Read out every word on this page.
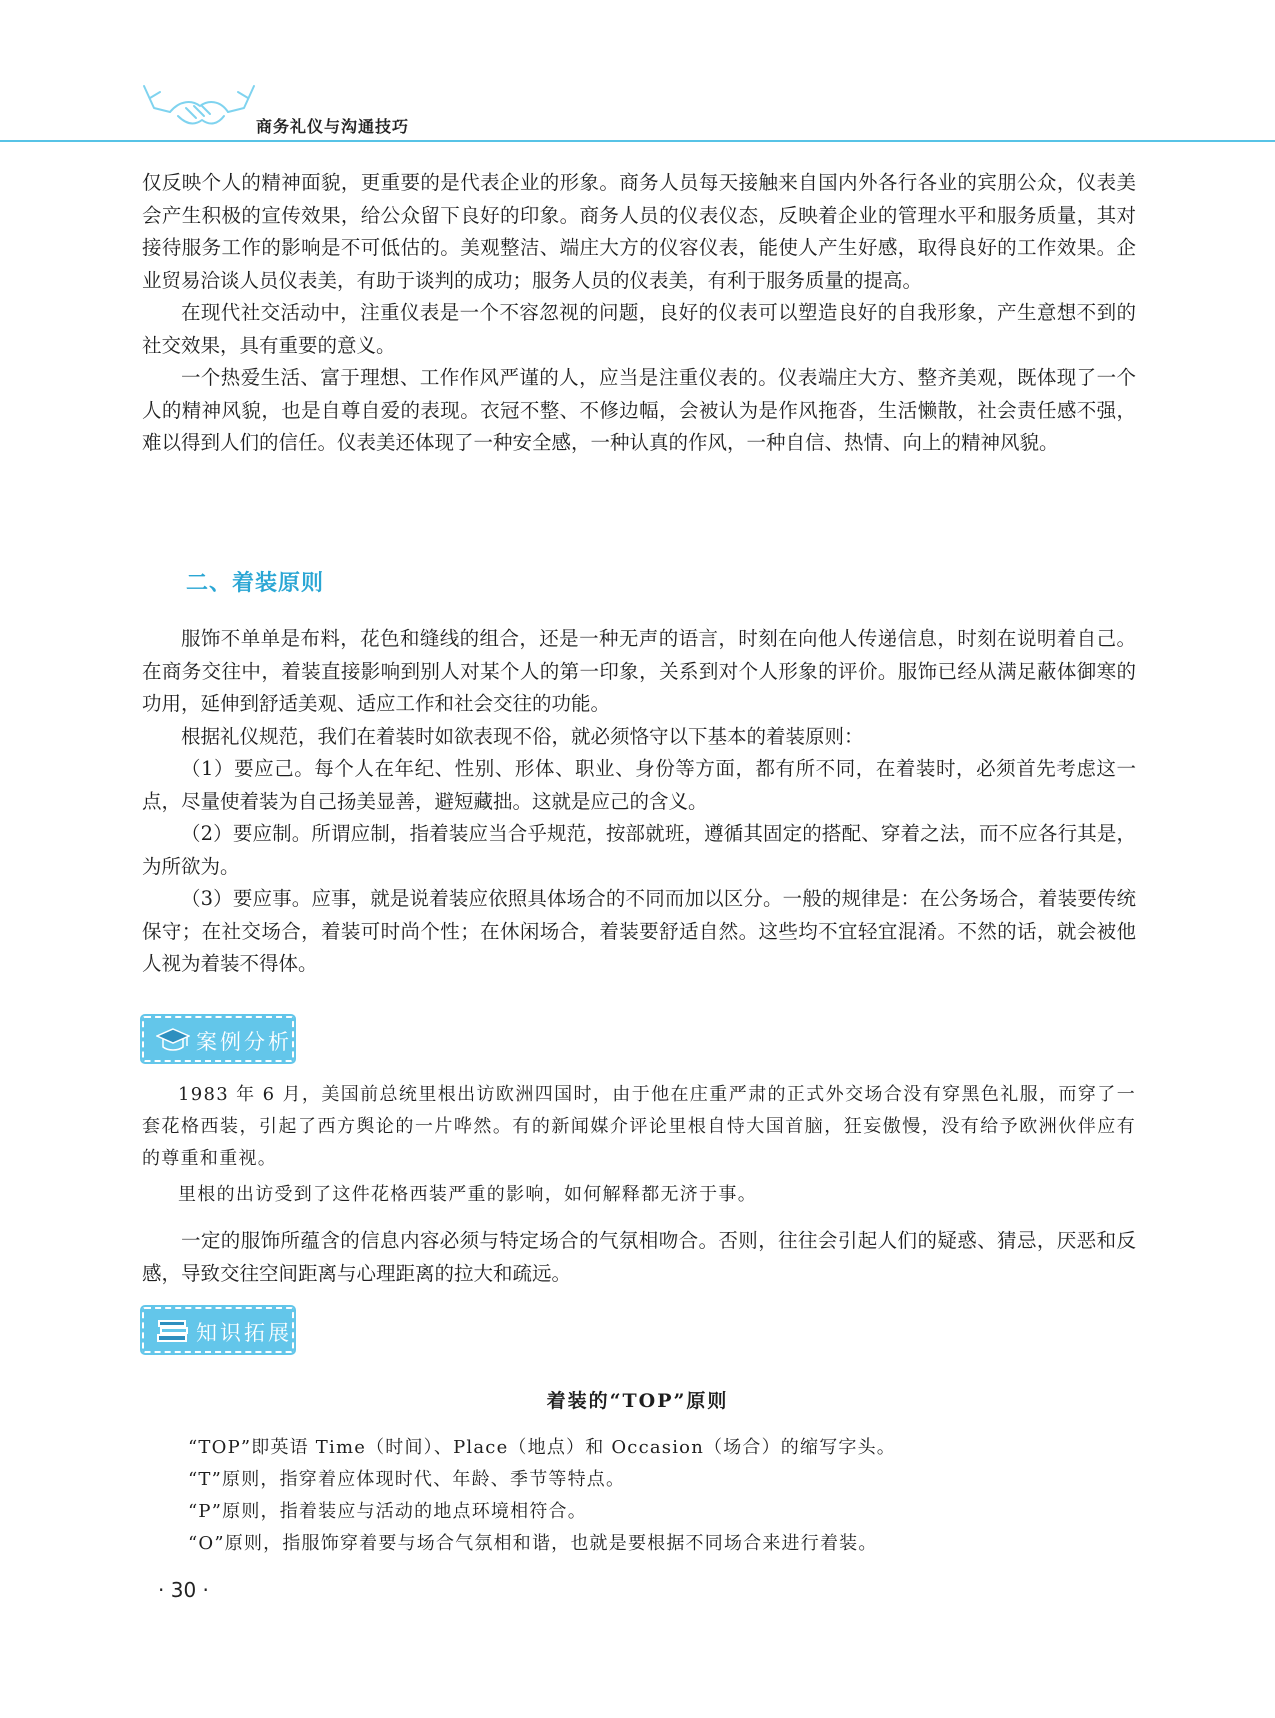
商务礼仪与沟通技巧

仅反映个人的精神面貌，更重要的是代表企业的形象。商务人员每天接触来自国内外各行各业的宾朋公众，仪表美会产生积极的宣传效果，给公众留下良好的印象。商务人员的仪表仪态，反映着企业的管理水平和服务质量，其对接待服务工作的影响是不可低估的。美观整洁、端庄大方的仪容仪表，能使人产生好感，取得良好的工作效果。企业贸易洽谈人员仪表美，有助于谈判的成功；服务人员的仪表美，有利于服务质量的提高。

在现代社交活动中，注重仪表是一个不容忽视的问题，良好的仪表可以塑造良好的自我形象，产生意想不到的社交效果，具有重要的意义。

一个热爱生活、富于理想、工作作风严谨的人，应当是注重仪表的。仪表端庄大方、整齐美观，既体现了一个人的精神风貌，也是自尊自爱的表现。衣冠不整、不修边幅，会被认为是作风拖沓，生活懒散，社会责任感不强，难以得到人们的信任。仪表美还体现了一种安全感，一种认真的作风，一种自信、热情、向上的精神风貌。

二、着装原则

服饰不单单是布料，花色和缝线的组合，还是一种无声的语言，时刻在向他人传递信息，时刻在说明着自己。在商务交往中，着装直接影响到别人对某个人的第一印象，关系到对个人形象的评价。服饰已经从满足蔽体御寒的功用，延伸到舒适美观、适应工作和社会交往的功能。

根据礼仪规范，我们在着装时如欲表现不俗，就必须恪守以下基本的着装原则：

（1）要应己。每个人在年纪、性别、形体、职业、身份等方面，都有所不同，在着装时，必须首先考虑这一点，尽量使着装为自己扬美显善，避短藏拙。这就是应己的含义。

（2）要应制。所谓应制，指着装应当合乎规范，按部就班，遵循其固定的搭配、穿着之法，而不应各行其是，为所欲为。

（3）要应事。应事，就是说着装应依照具体场合的不同而加以区分。一般的规律是：在公务场合，着装要传统保守；在社交场合，着装可时尚个性；在休闲场合，着装要舒适自然。这些均不宜轻宜混淆。不然的话，就会被他人视为着装不得体。

案例分析

1983 年 6 月，美国前总统里根出访欧洲四国时，由于他在庄重严肃的正式外交场合没有穿黑色礼服，而穿了一套花格西装，引起了西方舆论的一片哗然。有的新闻媒介评论里根自恃大国首脑，狂妄傲慢，没有给予欧洲伙伴应有的尊重和重视。

里根的出访受到了这件花格西装严重的影响，如何解释都无济于事。

一定的服饰所蕴含的信息内容必须与特定场合的气氛相吻合。否则，往往会引起人们的疑惑、猜忌，厌恶和反感，导致交往空间距离与心理距离的拉大和疏远。

知识拓展
着装的“TOP”原则

“TOP”即英语 Time（时间）、Place（地点）和 Occasion（场合）的缩写字头。

“T”原则，指穿着应体现时代、年龄、季节等特点。

“P”原则，指着装应与活动的地点环境相符合。

“O”原则，指服饰穿着要与场合气氛相和谐，也就是要根据不同场合来进行着装。

· 30 ·
